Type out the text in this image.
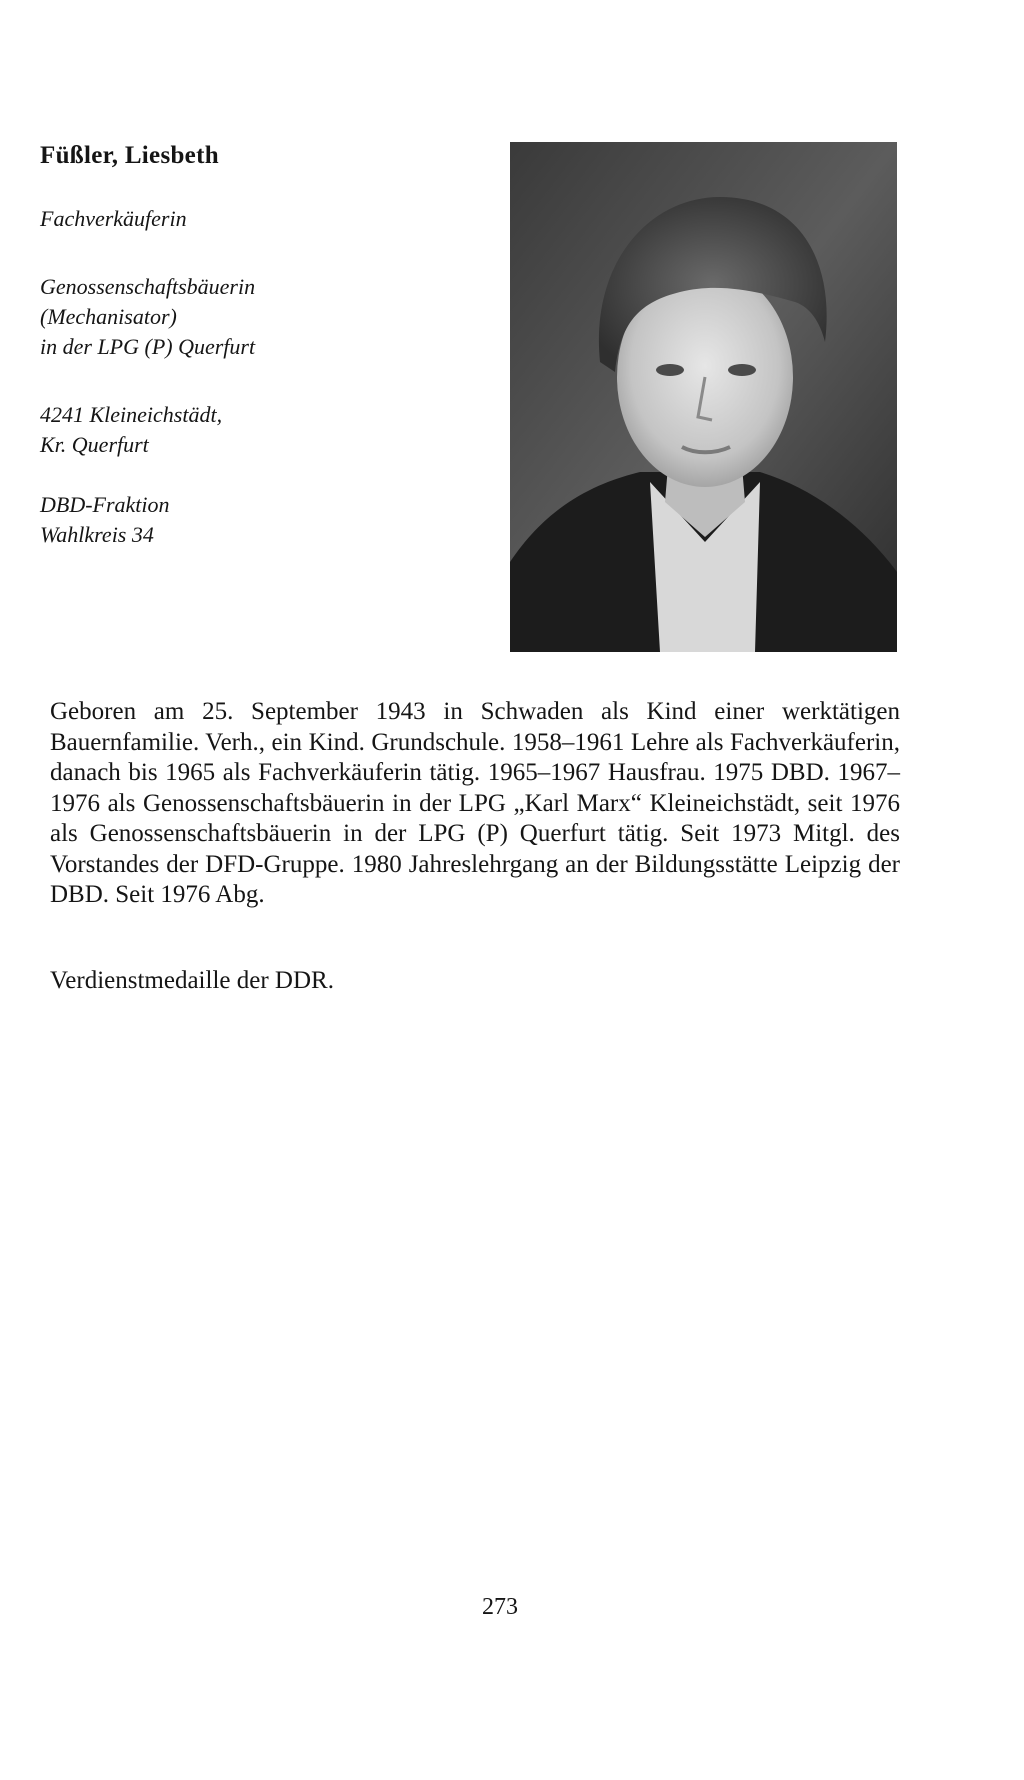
Füßler, Liesbeth

Fachverkäuferin

Genossenschaftsbäuerin
(Mechanisator)
in der LPG (P) Querfurt

4241 Kleineichstädt,
Kr. Querfurt

DBD-Fraktion
Wahlkreis 34

Geboren am 25. September 1943 in Schwaden als Kind einer werktätigen Bauernfamilie. Verh., ein Kind. Grundschule. 1958–1961 Lehre als Fachverkäuferin, danach bis 1965 als Fachverkäuferin tätig. 1965–1967 Hausfrau. 1975 DBD. 1967–1976 als Genossenschaftsbäuerin in der LPG „Karl Marx“ Kleineichstädt, seit 1976 als Genossenschaftsbäuerin in der LPG (P) Querfurt tätig. Seit 1973 Mitgl. des Vorstandes der DFD-Gruppe. 1980 Jahreslehrgang an der Bildungsstätte Leipzig der DBD. Seit 1976 Abg.

Verdienstmedaille der DDR.

273
